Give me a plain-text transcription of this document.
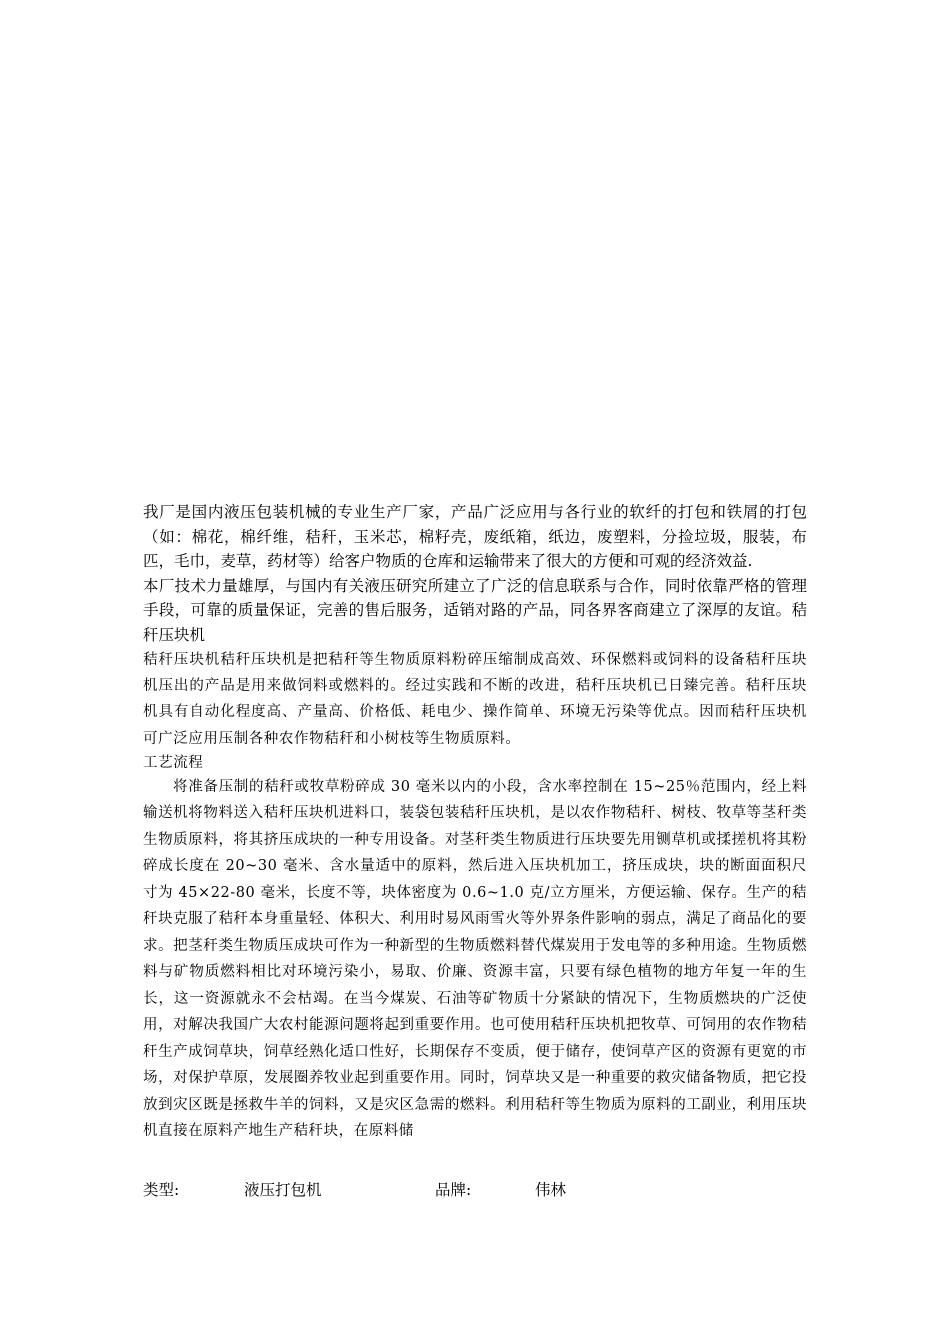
我厂是国内液压包装机械的专业生产厂家，产品广泛应用与各行业的软纤的打包和铁屑的打包（如：棉花，棉纤维，秸秆，玉米芯，棉籽壳，废纸箱，纸边，废塑料，分捡垃圾，服装，布匹，毛巾，麦草，药材等）给客户物质的仓库和运输带来了很大的方便和可观的经济效益.

本厂技术力量雄厚，与国内有关液压研究所建立了广泛的信息联系与合作，同时依靠严格的管理手段，可靠的质量保证，完善的售后服务，适销对路的产品，同各界客商建立了深厚的友谊。秸秆压块机

秸秆压块机秸秆压块机是把秸秆等生物质原料粉碎压缩制成高效、环保燃料或饲料的设备秸秆压块机压出的产品是用来做饲料或燃料的。经过实践和不断的改进，秸秆压块机已日臻完善。秸秆压块机具有自动化程度高、产量高、价格低、耗电少、操作简单、环境无污染等优点。因而秸秆压块机可广泛应用压制各种农作物秸秆和小树枝等生物质原料。

工艺流程

将准备压制的秸秆或牧草粉碎成 30 毫米以内的小段，含水率控制在 15~25％范围内，经上料输送机将物料送入秸秆压块机进料口，装袋包装秸秆压块机，是以农作物秸秆、树枝、牧草等茎秆类生物质原料，将其挤压成块的一种专用设备。对茎秆类生物质进行压块要先用铡草机或揉搓机将其粉碎成长度在 20~30 毫米、含水量适中的原料，然后进入压块机加工，挤压成块，块的断面面积尺寸为 45×22-80 毫米，长度不等，块体密度为 0.6~1.0 克/立方厘米，方便运输、保存。生产的秸秆块克服了秸秆本身重量轻、体积大、利用时易风雨雪火等外界条件影响的弱点，满足了商品化的要求。把茎秆类生物质压成块可作为一种新型的生物质燃料替代煤炭用于发电等的多种用途。生物质燃料与矿物质燃料相比对环境污染小，易取、价廉、资源丰富，只要有绿色植物的地方年复一年的生长，这一资源就永不会枯竭。在当今煤炭、石油等矿物质十分紧缺的情况下，生物质燃块的广泛使用，对解决我国广大农村能源问题将起到重要作用。也可使用秸秆压块机把牧草、可饲用的农作物秸秆生产成饲草块，饲草经熟化适口性好，长期保存不变质，便于储存，使饲草产区的资源有更宽的市场，对保护草原，发展圈养牧业起到重要作用。同时，饲草块又是一种重要的救灾储备物质，把它投放到灾区既是拯救牛羊的饲料，又是灾区急需的燃料。利用秸秆等生物质为原料的工副业，利用压块机直接在原料产地生产秸秆块，在原料储

类型:	液压打包机	品牌:	伟林
